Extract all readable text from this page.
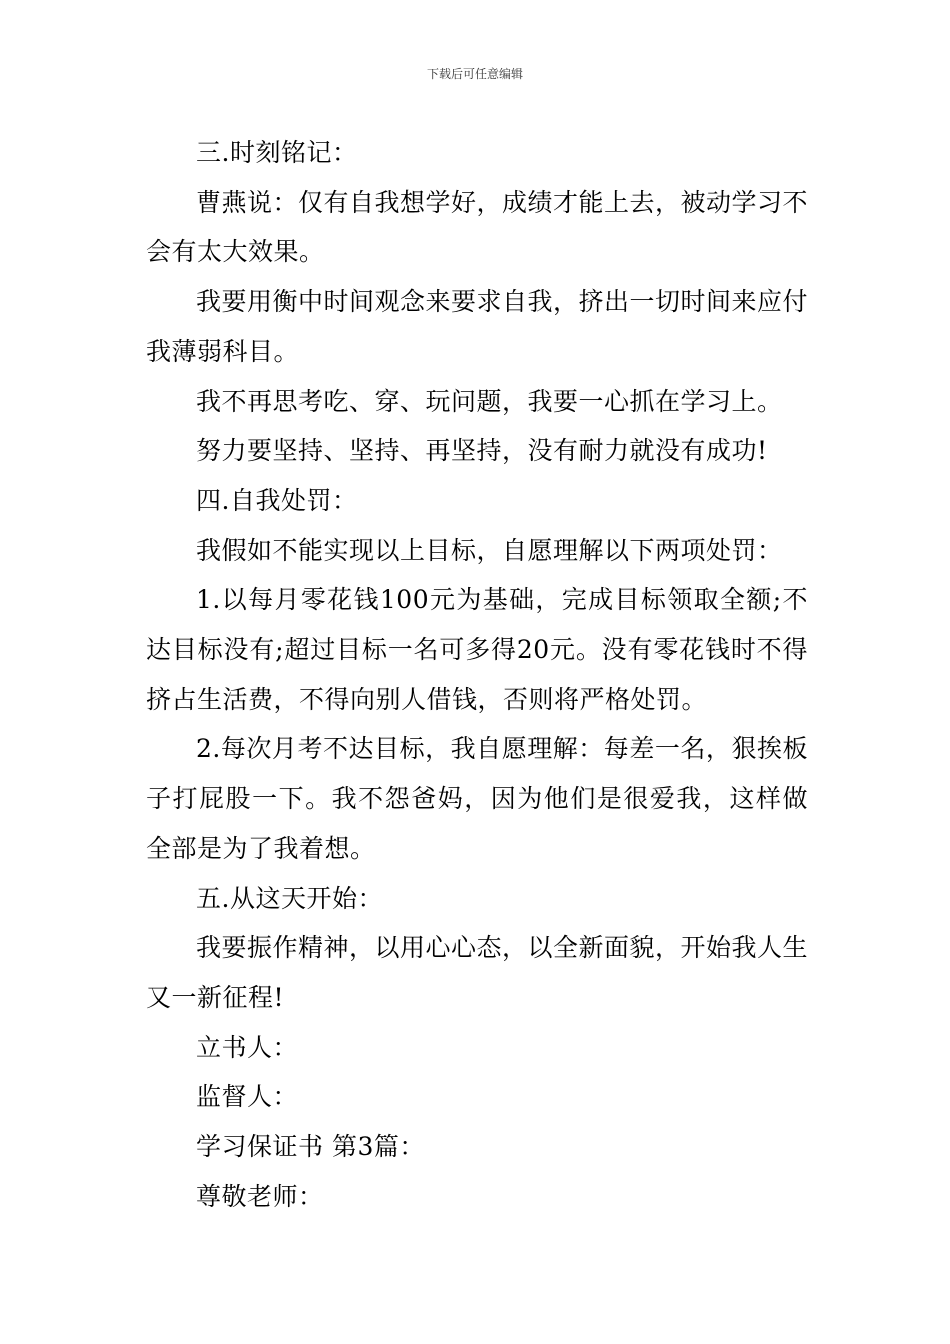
下载后可任意编辑

三.时刻铭记：

曹燕说：仅有自我想学好，成绩才能上去，被动学习不会有太大效果。

我要用衡中时间观念来要求自我，挤出一切时间来应付我薄弱科目。

我不再思考吃、穿、玩问题，我要一心抓在学习上。

努力要坚持、坚持、再坚持，没有耐力就没有成功!

四.自我处罚：

我假如不能实现以上目标，自愿理解以下两项处罚：

1.以每月零花钱100元为基础，完成目标领取全额;不达目标没有;超过目标一名可多得20元。没有零花钱时不得挤占生活费，不得向别人借钱，否则将严格处罚。

2.每次月考不达目标，我自愿理解：每差一名，狠挨板子打屁股一下。我不怨爸妈，因为他们是很爱我，这样做全部是为了我着想。

五.从这天开始：

我要振作精神，以用心心态，以全新面貌，开始我人生又一新征程!

立书人：

监督人：

学习保证书 第3篇：

尊敬老师：
